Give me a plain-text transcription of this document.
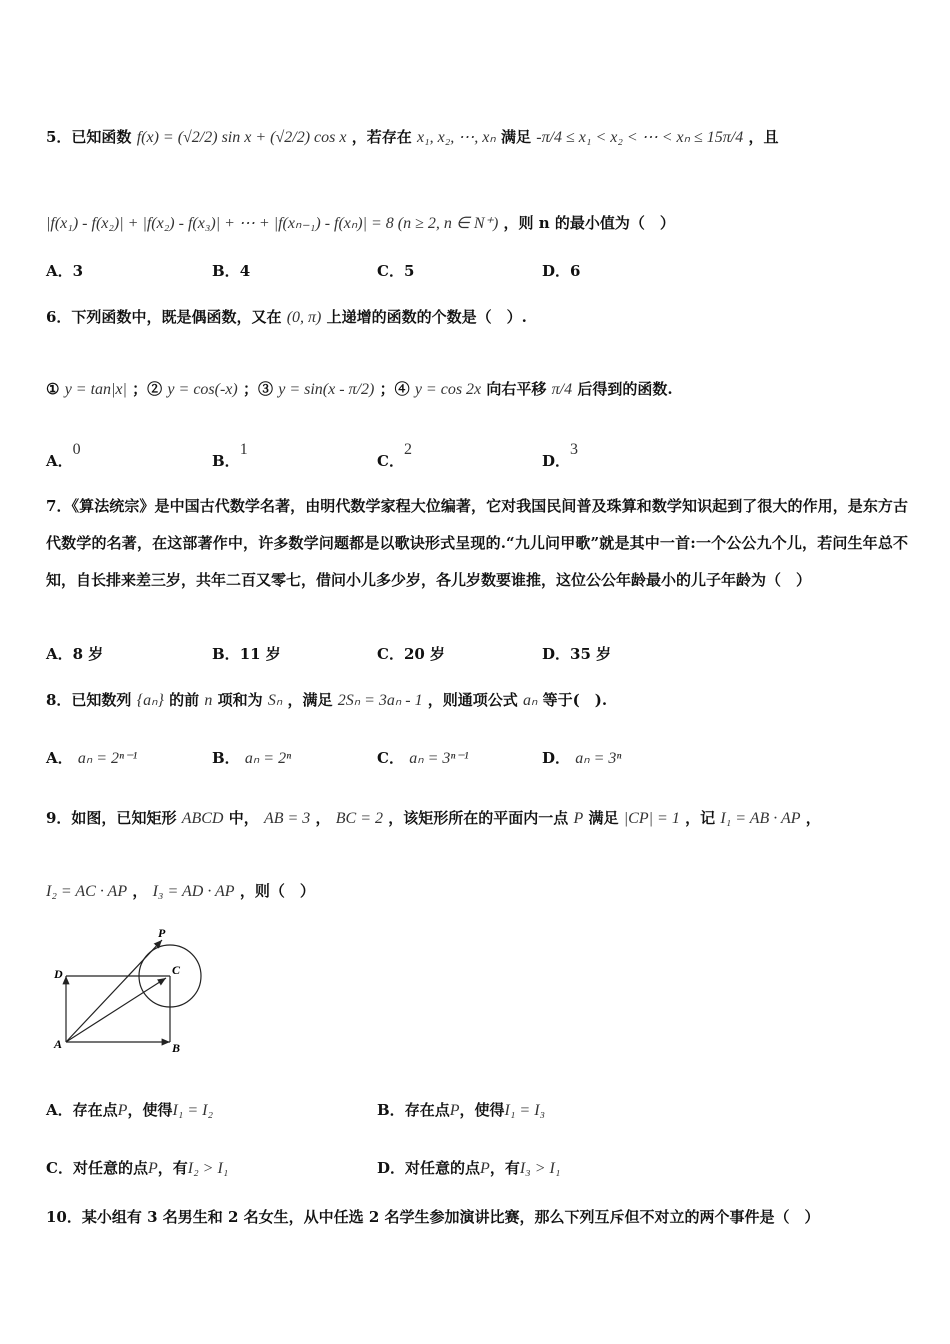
5．已知函数 f(x) = (√2/2) sin x + (√2/2) cos x ，若存在 x₁, x₂, ⋯, xₙ 满足 -π/4 ≤ x₁ < x₂ < ⋯ < xₙ ≤ 15π/4 ，且
|f(x₁) - f(x₂)| + |f(x₂) - f(x₃)| + ⋯ + |f(xₙ₋₁) - f(xₙ)| = 8 (n ≥ 2, n ∈ N⁺) ，则 n 的最小值为（　）
A．3	B．4	C．5	D．6
6．下列函数中，既是偶函数，又在 (0, π) 上递增的函数的个数是（　）.
① y = tan|x| ；② y = cos(-x) ；③ y = sin(x - π/2) ；④ y = cos 2x 向右平移 π/4 后得到的函数.
A．0
B．1
C．2
D．3
7．《算法统宗》是中国古代数学名著，由明代数学家程大位编著，它对我国民间普及珠算和数学知识起到了很大的作用，是东方古代数学的名著，在这部著作中，许多数学问题都是以歌诀形式呈现的.“九儿问甲歌”就是其中一首:一个公公九个儿，若问生年总不知，自长排来差三岁，共年二百又零七，借问小儿多少岁，各儿岁数要谁推，这位公公年龄最小的儿子年龄为（　）
A．8 岁	B．11 岁	C．20 岁	D．35 岁
8．已知数列 {aₙ} 的前 n 项和为 Sₙ ，满足 2Sₙ = 3aₙ - 1 ，则通项公式 aₙ 等于(　).
A． aₙ = 2ⁿ⁻¹	B． aₙ = 2ⁿ	C． aₙ = 3ⁿ⁻¹	D． aₙ = 3ⁿ
9．如图，已知矩形 ABCD 中， AB = 3 ， BC = 2 ，该矩形所在的平面内一点 P 满足 |CP| = 1 ，记 I₁ = AB · AP ，
I₂ = AC · AP ， I₃ = AD · AP ，则（　）
P
D	C
A	B
A．存在点P，使得I₁ = I₂	B．存在点P，使得I₁ = I₃
C．对任意的点P，有I₂ > I₁	D．对任意的点P，有I₃ > I₁
10．某小组有 3 名男生和 2 名女生，从中任选 2 名学生参加演讲比赛，那么下列互斥但不对立的两个事件是（　）
